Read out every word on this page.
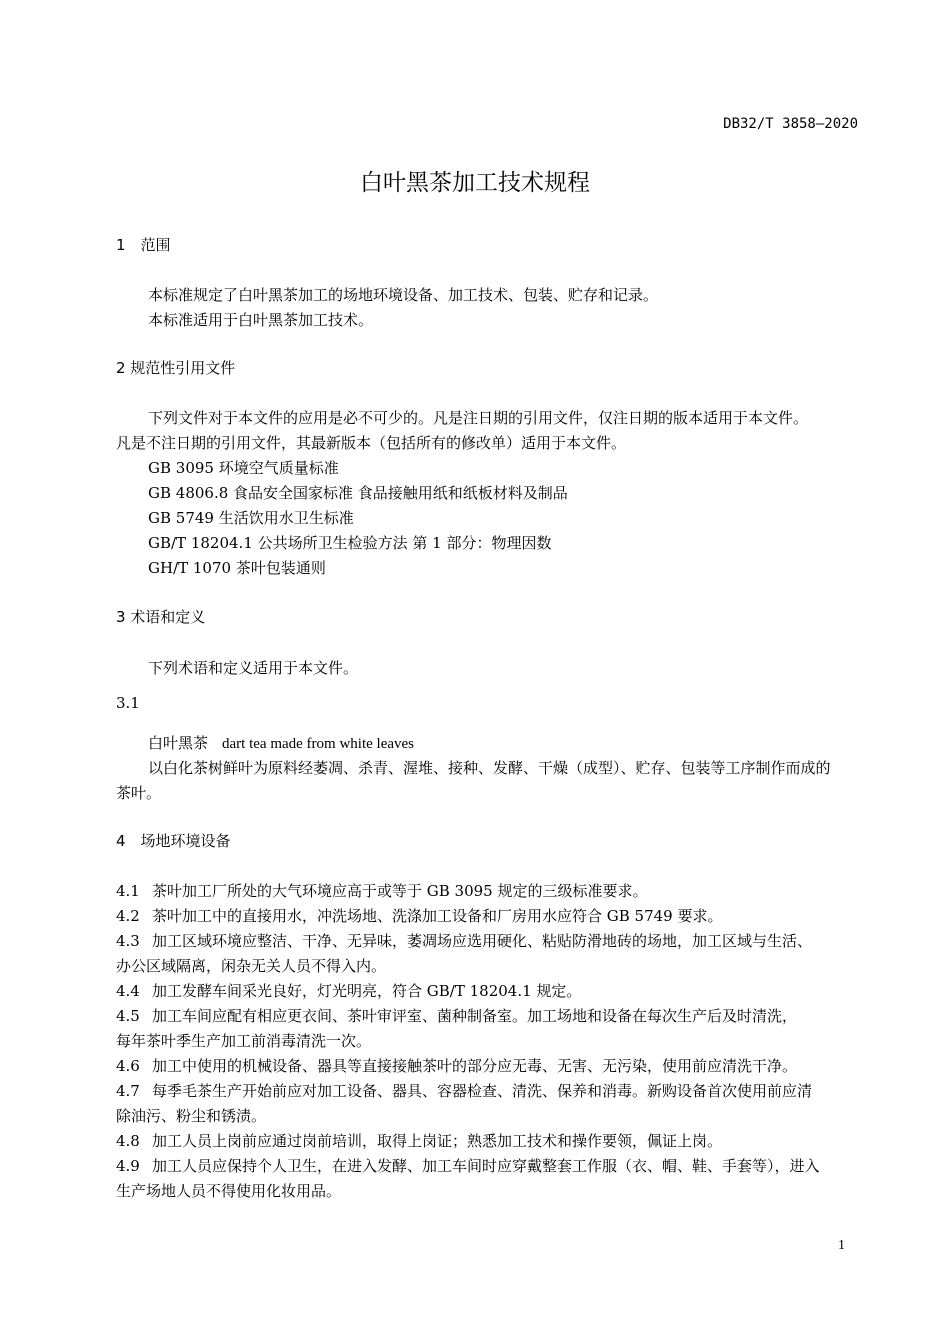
DB32/T 3858—2020
白叶黑茶加工技术规程
1　范围
本标准规定了白叶黑茶加工的场地环境设备、加工技术、包装、贮存和记录。
本标准适用于白叶黑茶加工技术。
2 规范性引用文件
下列文件对于本文件的应用是必不可少的。凡是注日期的引用文件，仅注日期的版本适用于本文件。
凡是不注日期的引用文件，其最新版本（包括所有的修改单）适用于本文件。
GB 3095 环境空气质量标准
GB 4806.8 食品安全国家标准 食品接触用纸和纸板材料及制品
GB 5749 生活饮用水卫生标准
GB/T 18204.1 公共场所卫生检验方法 第 1 部分：物理因数
GH/T 1070 茶叶包装通则
3 术语和定义
下列术语和定义适用于本文件。
3.1
白叶黑茶 dart tea made from white leaves
以白化茶树鲜叶为原料经萎凋、杀青、渥堆、接种、发酵、干燥（成型）、贮存、包装等工序制作而成的
茶叶。
4　场地环境设备
4.1 茶叶加工厂所处的大气环境应高于或等于 GB 3095 规定的三级标准要求。
4.2 茶叶加工中的直接用水，冲洗场地、洗涤加工设备和厂房用水应符合 GB 5749 要求。
4.3 加工区域环境应整洁、干净、无异味，萎凋场应选用硬化、粘贴防滑地砖的场地，加工区域与生活、
办公区域隔离，闲杂无关人员不得入内。
4.4 加工发酵车间采光良好，灯光明亮，符合 GB/T 18204.1 规定。
4.5 加工车间应配有相应更衣间、茶叶审评室、菌种制备室。加工场地和设备在每次生产后及时清洗，
每年茶叶季生产加工前消毒清洗一次。
4.6 加工中使用的机械设备、器具等直接接触茶叶的部分应无毒、无害、无污染，使用前应清洗干净。
4.7 每季毛茶生产开始前应对加工设备、器具、容器检查、清洗、保养和消毒。新购设备首次使用前应清
除油污、粉尘和锈渍。
4.8 加工人员上岗前应通过岗前培训，取得上岗证；熟悉加工技术和操作要领，佩证上岗。
4.9 加工人员应保持个人卫生，在进入发酵、加工车间时应穿戴整套工作服（衣、帽、鞋、手套等），进入
生产场地人员不得使用化妆用品。
1
